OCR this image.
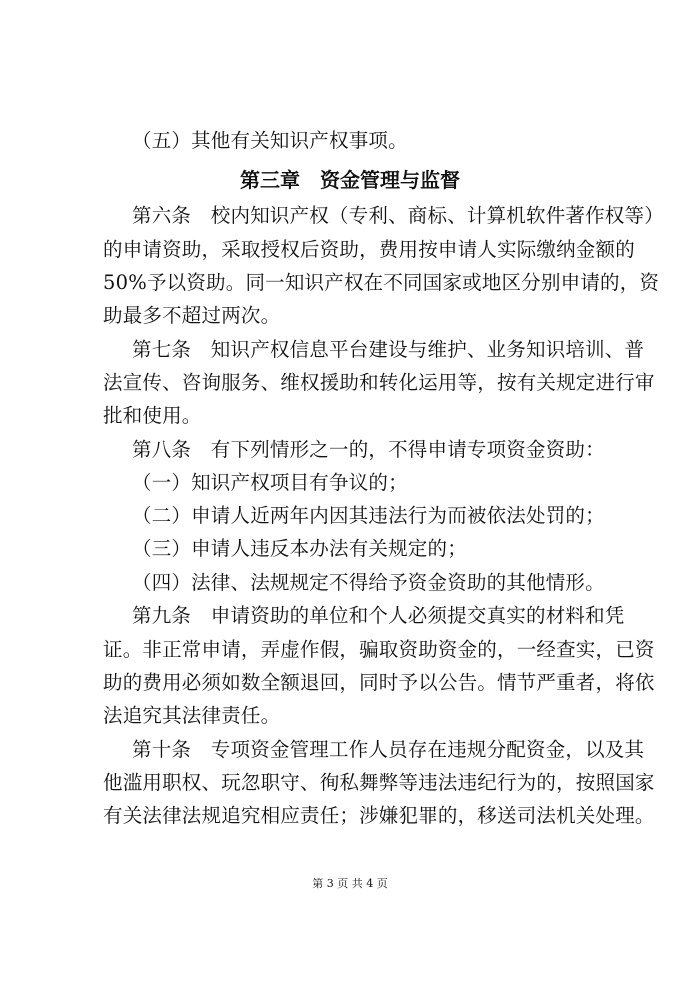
（五）其他有关知识产权事项。
第三章　资金管理与监督
第六条　校内知识产权（专利、商标、计算机软件著作权等）
的申请资助，采取授权后资助，费用按申请人实际缴纳金额的
50%予以资助。同一知识产权在不同国家或地区分别申请的，资
助最多不超过两次。
第七条　知识产权信息平台建设与维护、业务知识培训、普
法宣传、咨询服务、维权援助和转化运用等，按有关规定进行审
批和使用。
第八条　有下列情形之一的，不得申请专项资金资助：
（一）知识产权项目有争议的；
（二）申请人近两年内因其违法行为而被依法处罚的；
（三）申请人违反本办法有关规定的；
（四）法律、法规规定不得给予资金资助的其他情形。
第九条　申请资助的单位和个人必须提交真实的材料和凭
证。非正常申请，弄虚作假，骗取资助资金的，一经查实，已资
助的费用必须如数全额退回，同时予以公告。情节严重者，将依
法追究其法律责任。
第十条　专项资金管理工作人员存在违规分配资金，以及其
他滥用职权、玩忽职守、徇私舞弊等违法违纪行为的，按照国家
有关法律法规追究相应责任；涉嫌犯罪的，移送司法机关处理。
第 3 页 共 4 页
